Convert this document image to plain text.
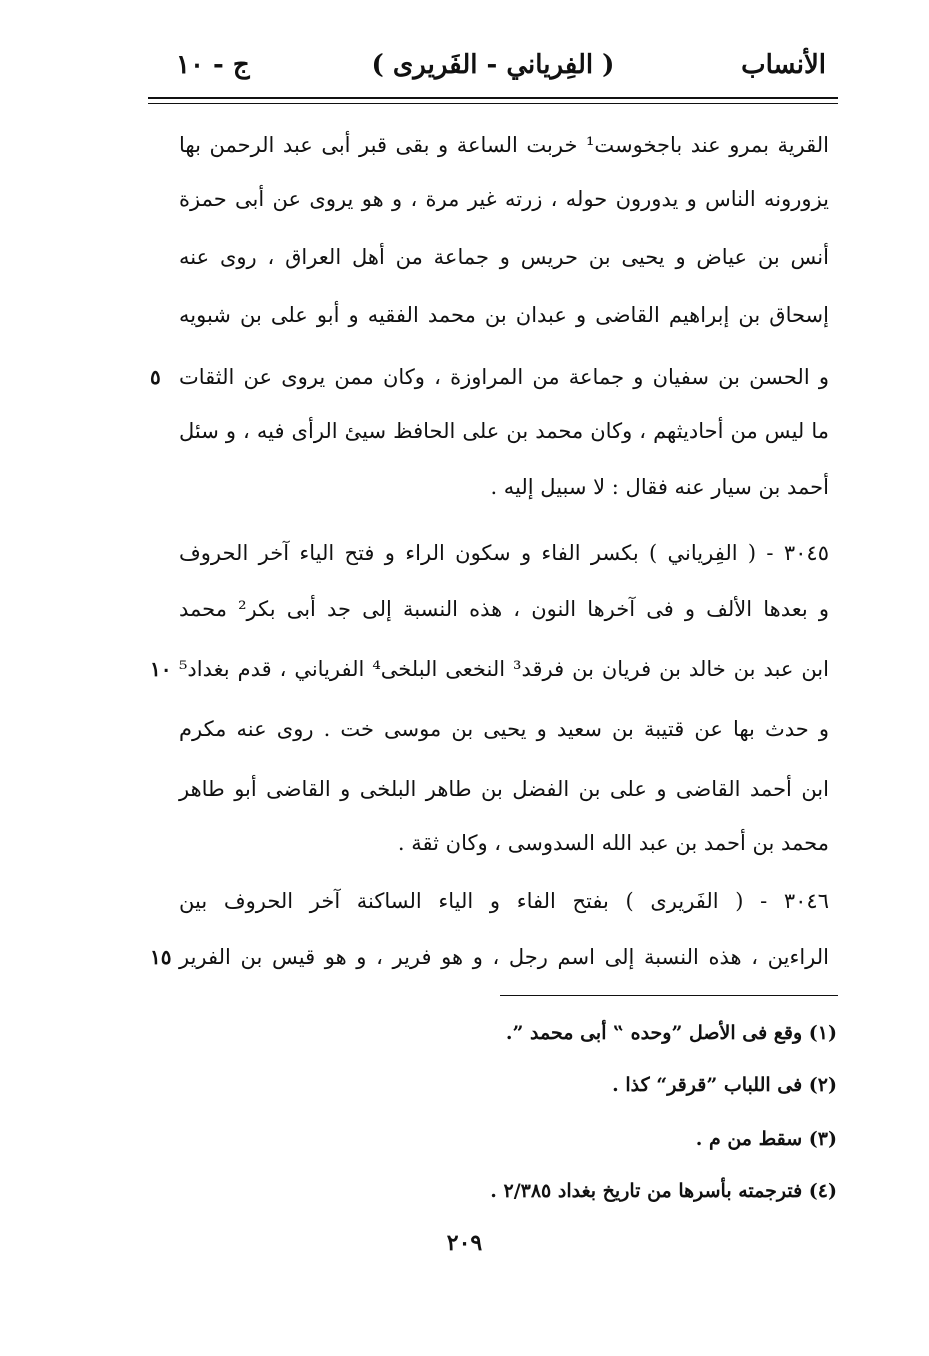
الأنساب
( الفِرياني - الفَريرى )
ج - ١٠
القرية بمرو عند باجخوست¹ خربت الساعة و بقى قبر أبى عبد الرحمن بها
يزورونه الناس و يدورون حوله ، زرته غير مرة ، و هو يروى عن أبى حمزة
أنس بن عياض و يحيى بن حريس و جماعة من أهل العراق ، روى عنه
إسحاق بن إبراهيم القاضى و عبدان بن محمد الفقيه و أبو على بن شبويه
و الحسن بن سفيان و جماعة من المراوزة ، وكان ممن يروى عن الثقات
ما ليس من أحاديثهم ، وكان محمد بن على الحافظ سيئ الرأى فيه ، و سئل
أحمد بن سيار عنه فقال : لا سبيل إليه .
٣٠٤٥ - ( الفِرياني ) بكسر الفاء و سكون الراء و فتح الياء آخر الحروف
و بعدها الألف و فى آخرها النون ، هذه النسبة إلى جد أبى بكر² محمد
ابن عبد بن خالد بن فريان بن فرقد³ النخعى البلخى⁴ الفرياني ، قدم بغداد⁵
و حدث بها عن قتيبة بن سعيد و يحيى بن موسى خت . روى عنه مكرم
ابن أحمد القاضى و على بن الفضل بن طاهر البلخى و القاضى أبو طاهر
محمد بن أحمد بن عبد الله السدوسى ، وكان ثقة .
٣٠٤٦ - ( الفَريرى ) بفتح الفاء و الياء الساكنة آخر الحروف بين
الراءين ، هذه النسبة إلى اسم رجل ، و هو فرير ، و هو قيس بن الفرير
٥
١٠
١٥
(١) وقع فى الأصل ”وحده ‟ أبى محمد ”.
(٢) فى اللباب ”قرقر“ كذا .
(٣) سقط من م .
(٤) فترجمته بأسرها من تاريخ بغداد ٢/٣٨٥ .
٢٠٩
